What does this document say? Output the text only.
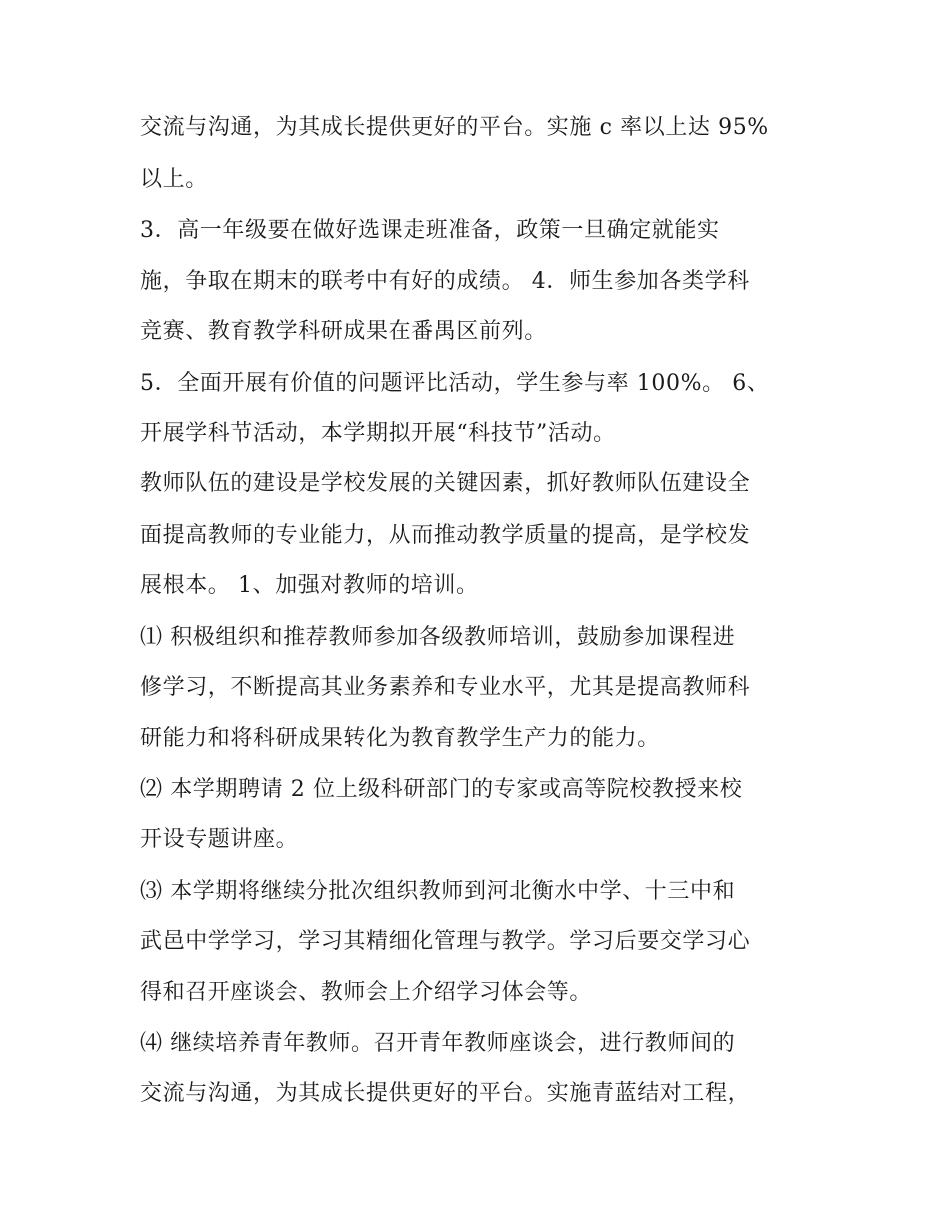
交流与沟通，为其成长提供更好的平台。实施 c 率以上达 95%
以上。
3．高一年级要在做好选课走班准备，政策一旦确定就能实
施，争取在期末的联考中有好的成绩。 4．师生参加各类学科
竞赛、教育教学科研成果在番禺区前列。
5．全面开展有价值的问题评比活动，学生参与率 100%。 6、
开展学科节活动，本学期拟开展“科技节”活动。
教师队伍的建设是学校发展的关键因素，抓好教师队伍建设全
面提高教师的专业能力，从而推动教学质量的提高，是学校发
展根本。 1、加强对教师的培训。
⑴ 积极组织和推荐教师参加各级教师培训，鼓励参加课程进
修学习，不断提高其业务素养和专业水平，尤其是提高教师科
研能力和将科研成果转化为教育教学生产力的能力。
⑵ 本学期聘请 2 位上级科研部门的专家或高等院校教授来校
开设专题讲座。
⑶ 本学期将继续分批次组织教师到河北衡水中学、十三中和
武邑中学学习，学习其精细化管理与教学。学习后要交学习心
得和召开座谈会、教师会上介绍学习体会等。
⑷ 继续培养青年教师。召开青年教师座谈会，进行教师间的
交流与沟通，为其成长提供更好的平台。实施青蓝结对工程，
